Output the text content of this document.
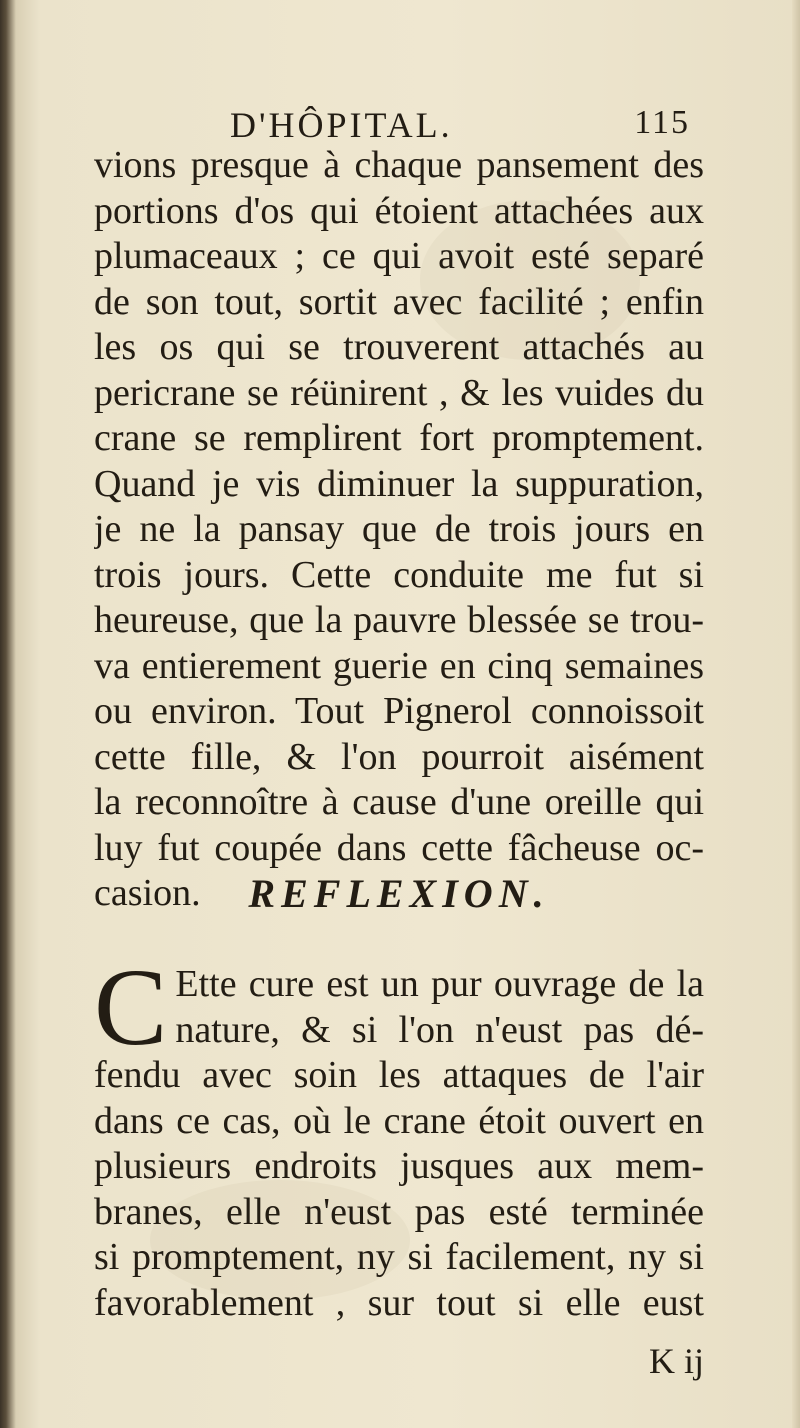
D'HÔPITAL.	115
vions presque à chaque pansement des
portions d'os qui étoient attachées aux
plumaceaux ; ce qui avoit esté separé
de son tout, sortit avec facilité ; enfin
les os qui se trouverent attachés au
pericrane se réünirent , & les vuides du
crane se remplirent fort promptement.
Quand je vis diminuer la suppuration,
je ne la pansay que de trois jours en
trois jours. Cette conduite me fut si
heureuse, que la pauvre blessée se trou-
va entierement guerie en cinq semaines
ou environ. Tout Pignerol connoissoit
cette fille, & l'on pourroit aisément
la reconnoître à cause d'une oreille qui
luy fut coupée dans cette fâcheuse oc-
casion.	REFLEXION.
C Ette cure est un pur ouvrage de la
nature, & si l'on n'eust pas dé-
fendu avec soin les attaques de l'air
dans ce cas, où le crane étoit ouvert en
plusieurs endroits jusques aux mem-
branes, elle n'eust pas esté terminée
si promptement, ny si facilement, ny si
favorablement , sur tout si elle eust
K ij
